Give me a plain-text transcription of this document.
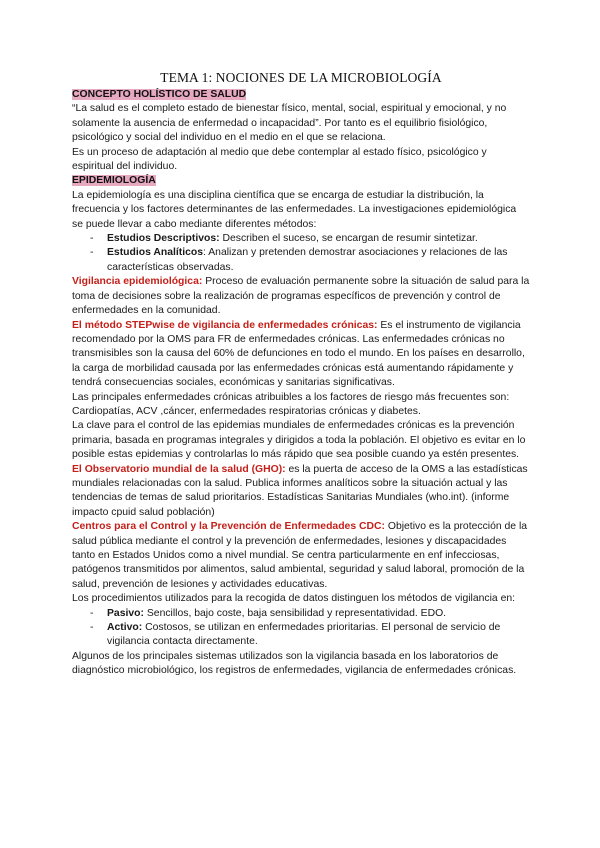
TEMA 1: NOCIONES DE LA MICROBIOLOGÍA

CONCEPTO HOLÍSTICO DE SALUD

“La salud es el completo estado de bienestar físico, mental, social, espiritual y emocional, y no solamente la ausencia de enfermedad o incapacidad”. Por tanto es el equilibrio fisiológico, psicológico y social del individuo en el medio en el que se relaciona.

Es un proceso de adaptación al medio que debe contemplar al estado físico, psicológico y espiritual del individuo.

EPIDEMIOLOGÍA

La epidemiología es una disciplina científica que se encarga de estudiar la distribución, la frecuencia y los factores determinantes de las enfermedades. La investigaciones epidemiológica se puede llevar a cabo mediante diferentes métodos:

- Estudios Descriptivos: Describen el suceso, se encargan de resumir sintetizar.
- Estudios Analíticos: Analizan y pretenden demostrar asociaciones y relaciones de las características observadas.

Vigilancia epidemiológica: Proceso de evaluación permanente sobre la situación de salud para la toma de decisiones sobre la realización de programas específicos de prevención y control de enfermedades en la comunidad.

El método STEPwise de vigilancia de enfermedades crónicas: Es el instrumento de vigilancia recomendado por la OMS para FR de enfermedades crónicas. Las enfermedades crónicas no transmisibles son la causa del 60% de defunciones en todo el mundo. En los países en desarrollo, la carga de morbilidad causada por las enfermedades crónicas está aumentando rápidamente y tendrá consecuencias sociales, económicas y sanitarias significativas.

Las principales enfermedades crónicas atribuibles a los factores de riesgo más frecuentes son: Cardiopatías, ACV ,cáncer, enfermedades respiratorias crónicas y diabetes.

La clave para el control de las epidemias mundiales de enfermedades crónicas es la prevención primaria, basada en programas integrales y dirigidos a toda la población. El objetivo es evitar en lo posible estas epidemias y controlarlas lo más rápido que sea posible cuando ya estén presentes.

El Observatorio mundial de la salud (GHO): es la puerta de acceso de la OMS a las estadísticas mundiales relacionadas con la salud. Publica informes analíticos sobre la situación actual y las tendencias de temas de salud prioritarios. Estadísticas Sanitarias Mundiales (who.int). (informe impacto cpuid salud población)

Centros para el Control y la Prevención de Enfermedades CDC: Objetivo es la protección de la salud pública mediante el control y la prevención de enfermedades, lesiones y discapacidades tanto en Estados Unidos como a nivel mundial. Se centra particularmente en enf infecciosas, patógenos transmitidos por alimentos, salud ambiental, seguridad y salud laboral, promoción de la salud, prevención de lesiones y actividades educativas.

Los procedimientos utilizados para la recogida de datos distinguen los métodos de vigilancia en:

- Pasivo: Sencillos, bajo coste, baja sensibilidad y representatividad. EDO.
- Activo: Costosos, se utilizan en enfermedades prioritarias. El personal de servicio de vigilancia contacta directamente.

Algunos de los principales sistemas utilizados son la vigilancia basada en los laboratorios de diagnóstico microbiológico, los registros de enfermedades, vigilancia de enfermedades crónicas.
